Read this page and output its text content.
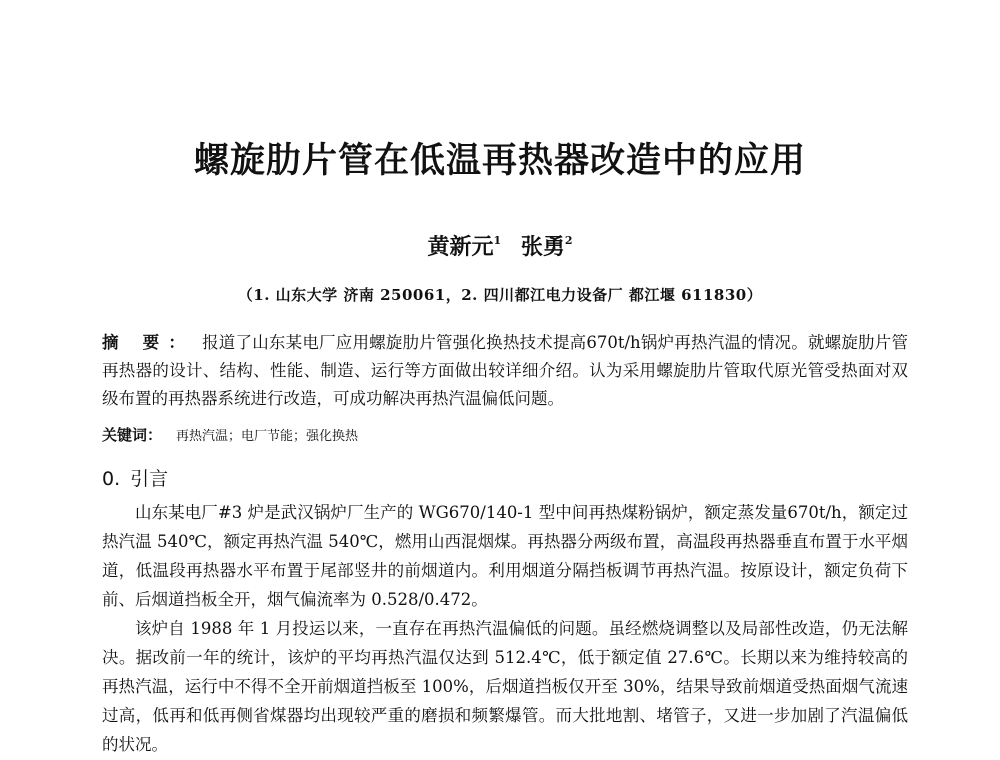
螺旋肋片管在低温再热器改造中的应用
黄新元$^1$ 张勇$^2$
（1. 山东大学 济南 250061，2. 四川都江电力设备厂 都江堰 611830）
摘 要： 报道了山东某电厂应用螺旋肋片管强化换热技术提高670t/h锅炉再热汽温的情况。就螺旋肋片管再热器的设计、结构、性能、制造、运行等方面做出较详细介绍。认为采用螺旋肋片管取代原光管受热面对双级布置的再热器系统进行改造，可成功解决再热汽温偏低问题。
关键词： 再热汽温；电厂节能；强化换热
0. 引言

山东某电厂#3 炉是武汉锅炉厂生产的 WG670/140-1 型中间再热煤粉锅炉，额定蒸发量670t/h，额定过热汽温 540℃，额定再热汽温 540℃，燃用山西混烟煤。再热器分两级布置，高温段再热器垂直布置于水平烟道，低温段再热器水平布置于尾部竖井的前烟道内。利用烟道分隔挡板调节再热汽温。按原设计，额定负荷下前、后烟道挡板全开，烟气偏流率为 0.528/0.472。

该炉自 1988 年 1 月投运以来，一直存在再热汽温偏低的问题。虽经燃烧调整以及局部性改造，仍无法解决。据改前一年的统计，该炉的平均再热汽温仅达到 512.4℃，低于额定值 27.6℃。长期以来为维持较高的再热汽温，运行中不得不全开前烟道挡板至 100%，后烟道挡板仅开至 30%，结果导致前烟道受热面烟气流速过高，低再和低再侧省煤器均出现较严重的磨损和频繁爆管。而大批地割、堵管子，又进一步加剧了汽温偏低的状况。
